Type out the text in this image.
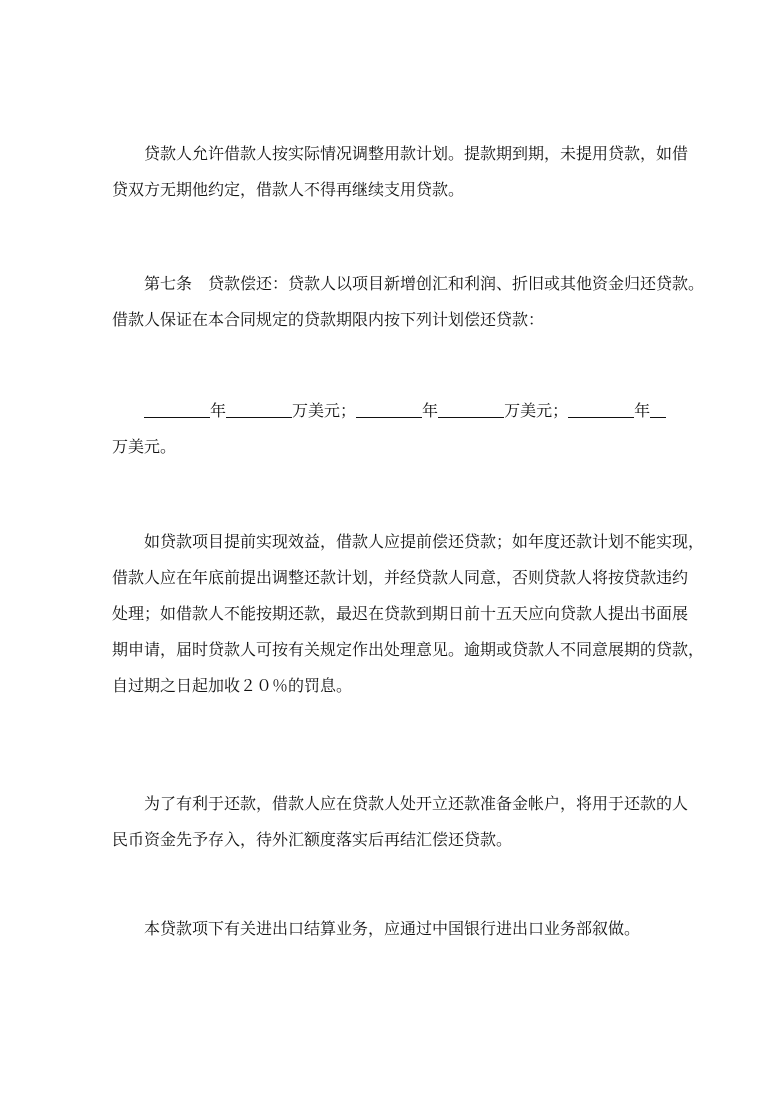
贷款人允许借款人按实际情况调整用款计划。提款期到期，未提用贷款，如借
贷双方无期他约定，借款人不得再继续支用贷款。

第七条 贷款偿还：贷款人以项目新增创汇和利润、折旧或其他资金归还贷款。
借款人保证在本合同规定的贷款期限内按下列计划偿还贷款：

年	万美元；	年	万美元；	年
万美元。

如贷款项目提前实现效益，借款人应提前偿还贷款；如年度还款计划不能实现，
借款人应在年底前提出调整还款计划，并经贷款人同意，否则贷款人将按贷款违约
处理；如借款人不能按期还款，最迟在贷款到期日前十五天应向贷款人提出书面展
期申请，届时贷款人可按有关规定作出处理意见。逾期或贷款人不同意展期的贷款，
自过期之日起加收２０％的罚息。

为了有利于还款，借款人应在贷款人处开立还款准备金帐户，将用于还款的人
民币资金先予存入，待外汇额度落实后再结汇偿还贷款。

本贷款项下有关进出口结算业务，应通过中国银行进出口业务部叙做。
